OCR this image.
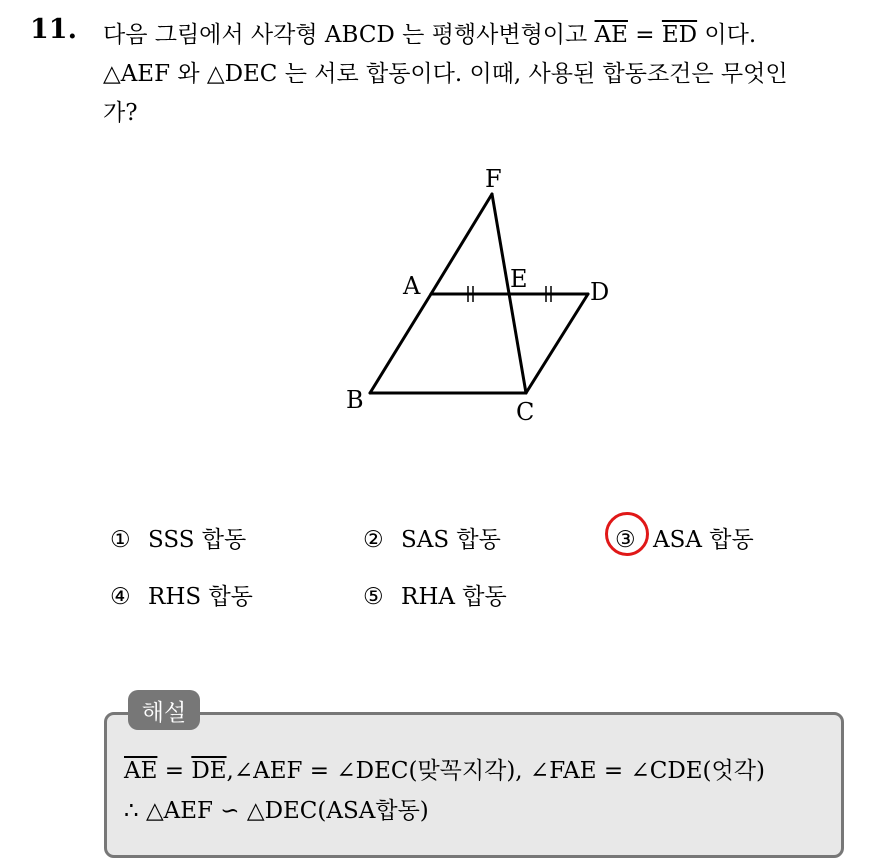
11. 다음 그림에서 사각형 ABCD 는 평행사변형이고 $\overline{AE} = \overline{ED}$ 이다.
△AEF 와 △DEC 는 서로 합동이다. 이때, 사용된 합동조건은 무엇인
가?
F
A	E	D
B	C
① SSS 합동	② SAS 합동	③ ASA 합동
④ RHS 합동	⑤ RHA 합동
해설
$\overline{AE}$ = $\overline{DE},\angle AEF$ = ∠DEC(맞꼭지각), ∠FAE = ∠CDE(엇각)
∴ △AEF ∽ △DEC(ASA합동)
